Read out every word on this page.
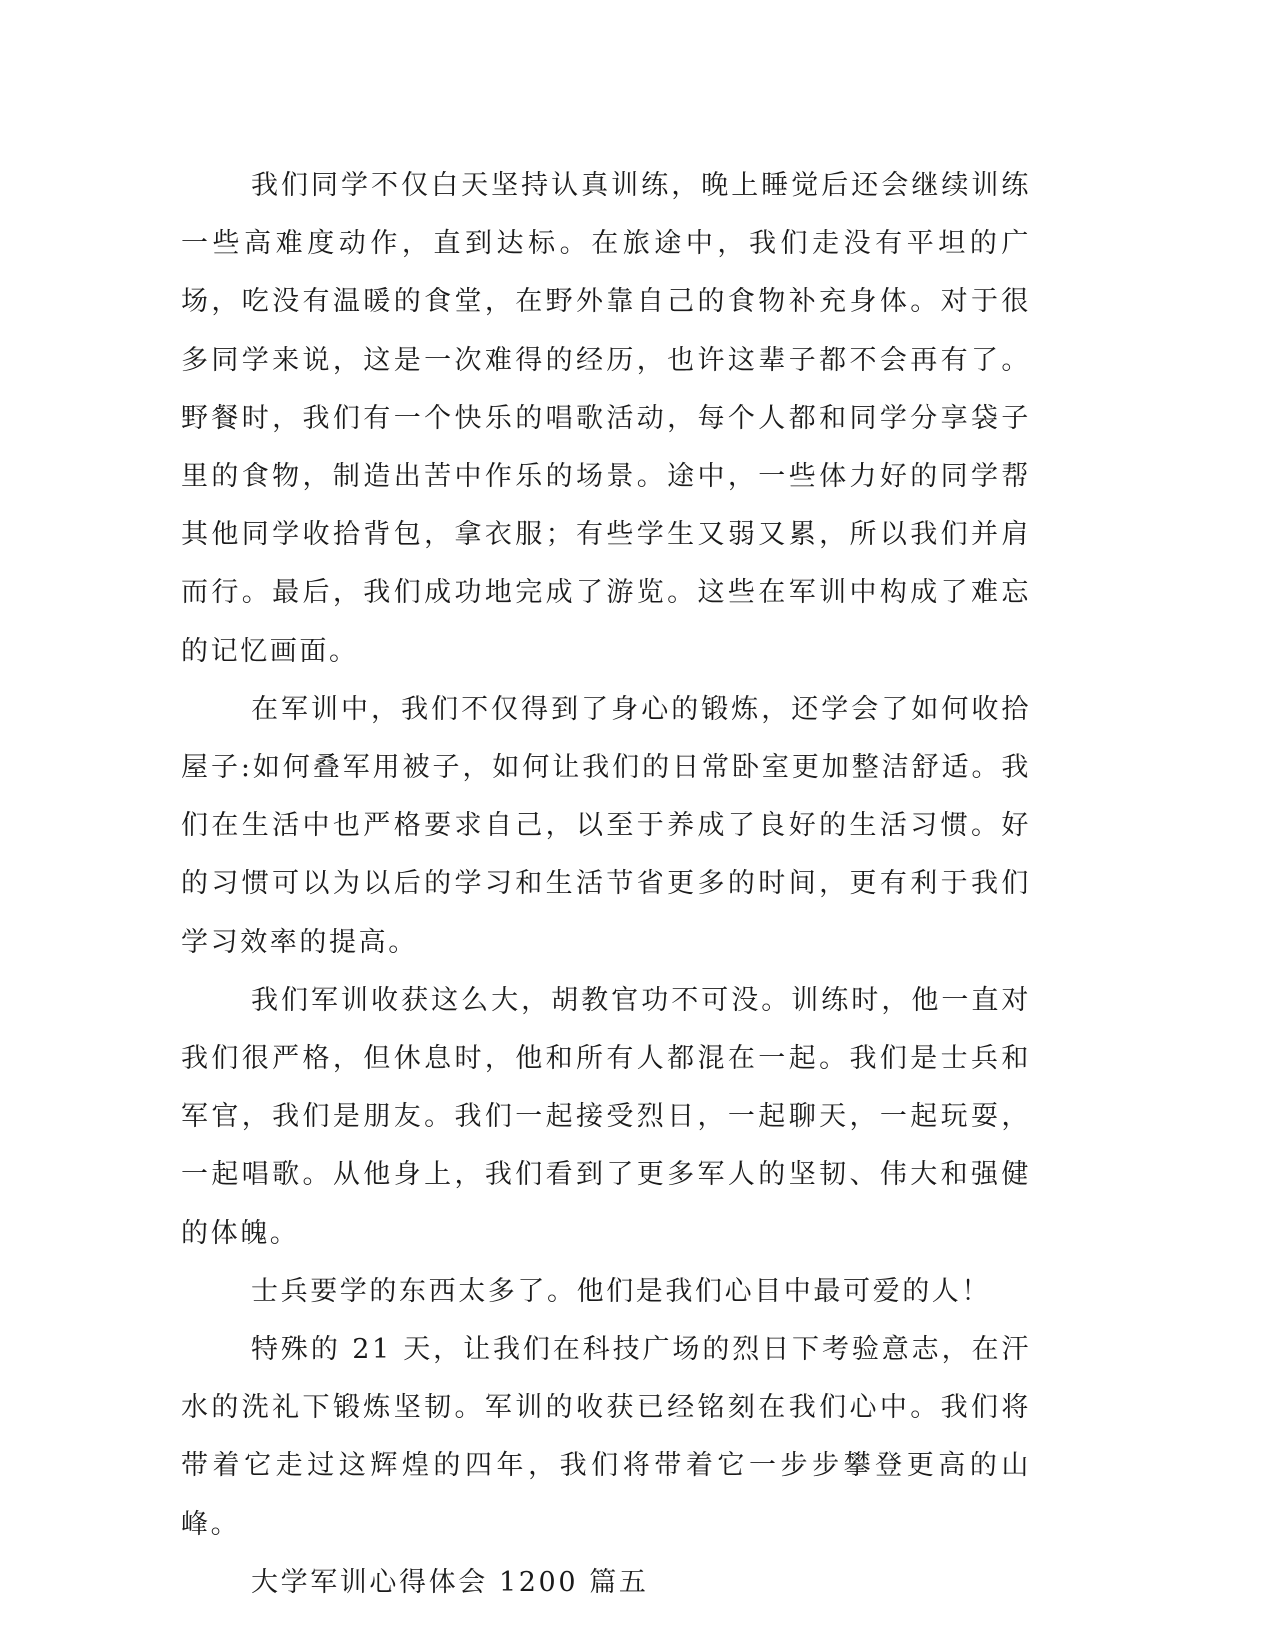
我们同学不仅白天坚持认真训练，晚上睡觉后还会继续训练一些高难度动作，直到达标。在旅途中，我们走没有平坦的广场，吃没有温暖的食堂，在野外靠自己的食物补充身体。对于很多同学来说，这是一次难得的经历，也许这辈子都不会再有了。野餐时，我们有一个快乐的唱歌活动，每个人都和同学分享袋子里的食物，制造出苦中作乐的场景。途中，一些体力好的同学帮其他同学收拾背包，拿衣服；有些学生又弱又累，所以我们并肩而行。最后，我们成功地完成了游览。这些在军训中构成了难忘的记忆画面。

在军训中，我们不仅得到了身心的锻炼，还学会了如何收拾屋子:如何叠军用被子，如何让我们的日常卧室更加整洁舒适。我们在生活中也严格要求自己，以至于养成了良好的生活习惯。好的习惯可以为以后的学习和生活节省更多的时间，更有利于我们学习效率的提高。

我们军训收获这么大，胡教官功不可没。训练时，他一直对我们很严格，但休息时，他和所有人都混在一起。我们是士兵和军官，我们是朋友。我们一起接受烈日，一起聊天，一起玩耍，一起唱歌。从他身上，我们看到了更多军人的坚韧、伟大和强健的体魄。

士兵要学的东西太多了。他们是我们心目中最可爱的人！

特殊的 21 天，让我们在科技广场的烈日下考验意志，在汗水的洗礼下锻炼坚韧。军训的收获已经铭刻在我们心中。我们将带着它走过这辉煌的四年，我们将带着它一步步攀登更高的山峰。

大学军训心得体会 1200 篇五
